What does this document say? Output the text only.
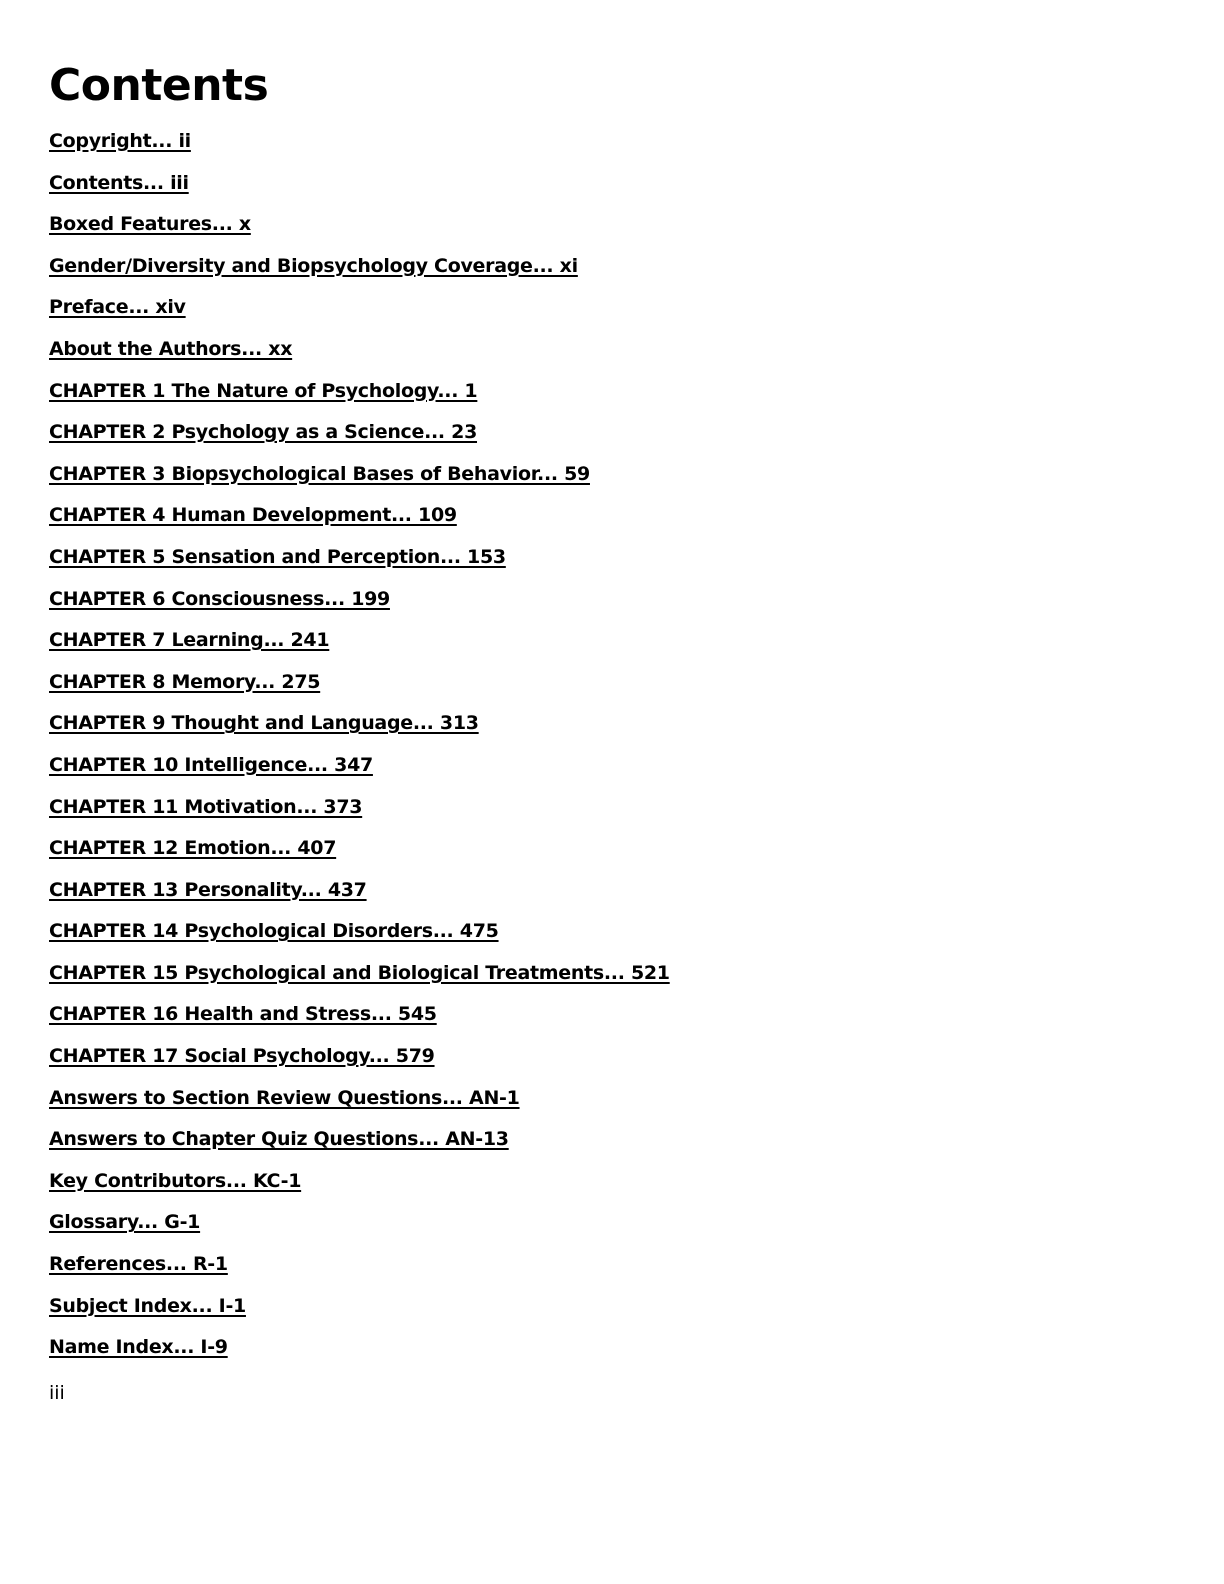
Contents
Copyright... ii
Contents... iii
Boxed Features... x
Gender/Diversity and Biopsychology Coverage... xi
Preface... xiv
About the Authors... xx
CHAPTER 1 The Nature of Psychology... 1
CHAPTER 2 Psychology as a Science... 23
CHAPTER 3 Biopsychological Bases of Behavior... 59
CHAPTER 4 Human Development... 109
CHAPTER 5 Sensation and Perception... 153
CHAPTER 6 Consciousness... 199
CHAPTER 7 Learning... 241
CHAPTER 8 Memory... 275
CHAPTER 9 Thought and Language... 313
CHAPTER 10 Intelligence... 347
CHAPTER 11 Motivation... 373
CHAPTER 12 Emotion... 407
CHAPTER 13 Personality... 437
CHAPTER 14 Psychological Disorders... 475
CHAPTER 15 Psychological and Biological Treatments... 521
CHAPTER 16 Health and Stress... 545
CHAPTER 17 Social Psychology... 579
Answers to Section Review Questions... AN-1
Answers to Chapter Quiz Questions... AN-13
Key Contributors... KC-1
Glossary... G-1
References... R-1
Subject Index... I-1
Name Index... I-9
iii
